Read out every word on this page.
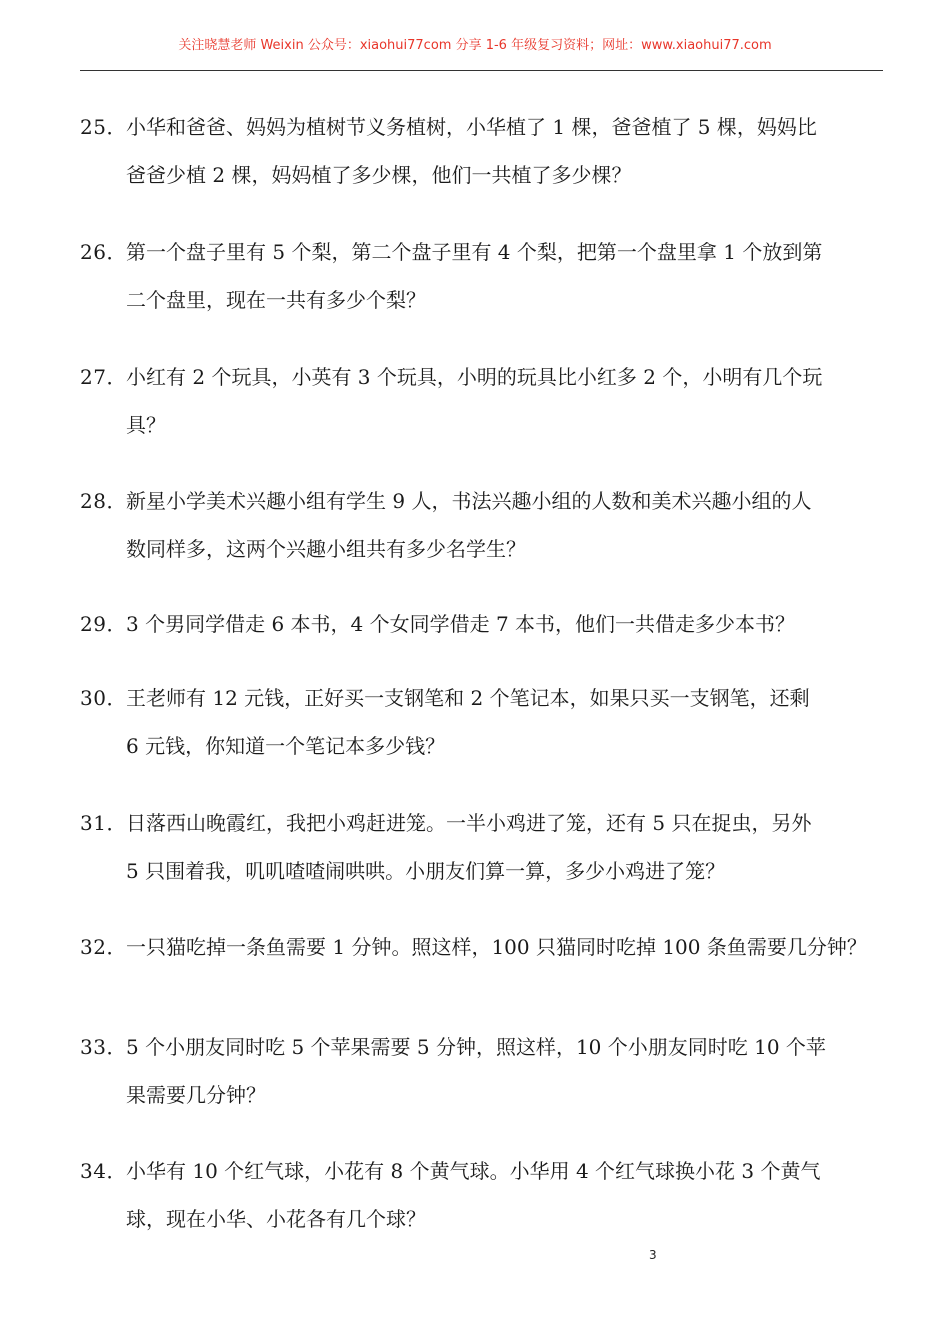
关注晓慧老师 Weixin 公众号：xiaohui77com 分享 1-6 年级复习资料；网址：www.xiaohui77.com
25． 小华和爸爸、妈妈为植树节义务植树，小华植了 1 棵，爸爸植了 5 棵，妈妈比
爸爸少植 2 棵，妈妈植了多少棵，他们一共植了多少棵？
26． 第一个盘子里有 5 个梨，第二个盘子里有 4 个梨，把第一个盘里拿 1 个放到第
二个盘里，现在一共有多少个梨？
27． 小红有 2 个玩具，小英有 3 个玩具，小明的玩具比小红多 2 个，小明有几个玩
具？
28． 新星小学美术兴趣小组有学生 9 人，书法兴趣小组的人数和美术兴趣小组的人
数同样多，这两个兴趣小组共有多少名学生？
29． 3 个男同学借走 6 本书，4 个女同学借走 7 本书，他们一共借走多少本书？
30． 王老师有 12 元钱，正好买一支钢笔和 2 个笔记本，如果只买一支钢笔，还剩
6 元钱，你知道一个笔记本多少钱？
31． 日落西山晚霞红，我把小鸡赶进笼。一半小鸡进了笼，还有 5 只在捉虫，另外
5 只围着我，叽叽喳喳闹哄哄。小朋友们算一算，多少小鸡进了笼？
32． 一只猫吃掉一条鱼需要 1 分钟。照这样，100 只猫同时吃掉 100 条鱼需要几分钟？
33． 5 个小朋友同时吃 5 个苹果需要 5 分钟，照这样，10 个小朋友同时吃 10 个苹
果需要几分钟？
34． 小华有 10 个红气球，小花有 8 个黄气球。小华用 4 个红气球换小花 3 个黄气
球，现在小华、小花各有几个球？
3
